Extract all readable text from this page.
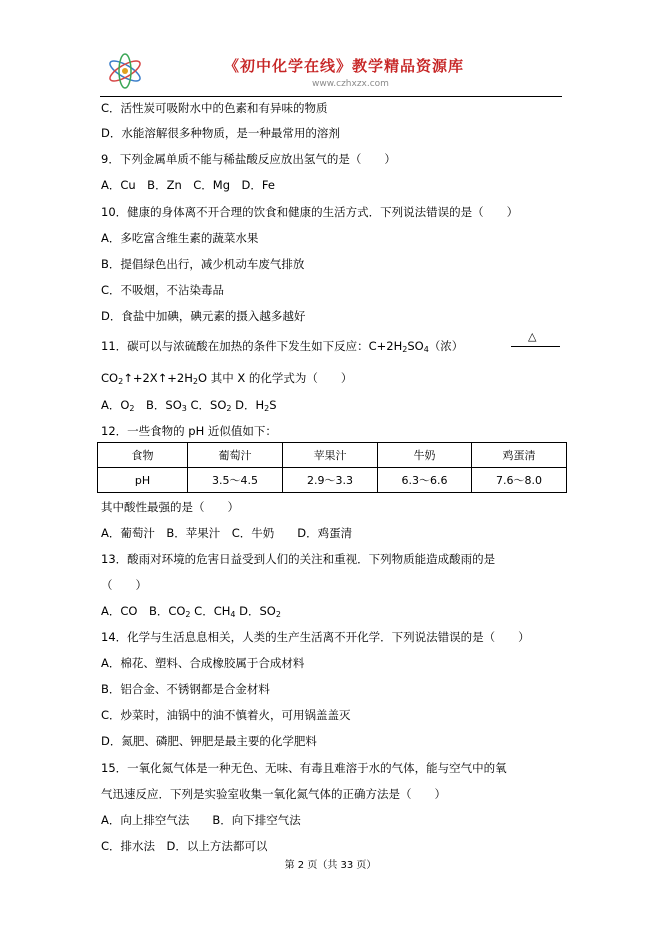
《初中化学在线》教学精品资源库
www.czhxzx.com
C．活性炭可吸附水中的色素和有异味的物质
D．水能溶解很多种物质，是一种最常用的溶剂
9．下列金属单质不能与稀盐酸反应放出氢气的是（　　）
A．Cu　B．Zn　C．Mg　D．Fe
10．健康的身体离不开合理的饮食和健康的生活方式．下列说法错误的是（　　）
A．多吃富含维生素的蔬菜水果
B．提倡绿色出行，减少机动车废气排放
C．不吸烟，不沾染毒品
D．食盐中加碘，碘元素的摄入越多越好
11．碳可以与浓硫酸在加热的条件下发生如下反应：$C+2H_2SO_4$（浓）
△
$CO_2↑+2X↑+2H_2O$ 其中 X 的化学式为（　　）
A．$O_2$　B．$SO_3$ C．$SO_2$ D．$H_2S$
12．一些食物的 pH 近似值如下：
食物	葡萄汁	苹果汁	牛奶	鸡蛋清
pH	3.5～4.5	2.9～3.3	6.3～6.6	7.6～8.0
其中酸性最强的是（　　）
A．葡萄汁　B．苹果汁　C．牛奶　　D．鸡蛋清
13．酸雨对环境的危害日益受到人们的关注和重视．下列物质能造成酸雨的是
（　　）
A．CO　B．$CO_2$ C．$CH_4$ D．$SO_2$
14．化学与生活息息相关，人类的生产生活离不开化学．下列说法错误的是（　　）
A．棉花、塑料、合成橡胶属于合成材料
B．铝合金、不锈钢都是合金材料
C．炒菜时，油锅中的油不慎着火，可用锅盖盖灭
D．氮肥、磷肥、钾肥是最主要的化学肥料
15．一氧化氮气体是一种无色、无味、有毒且难溶于水的气体，能与空气中的氧
气迅速反应．下列是实验室收集一氧化氮气体的正确方法是（　　）
A．向上排空气法　　B．向下排空气法
C．排水法　D．以上方法都可以
第 2 页（共 33 页）
